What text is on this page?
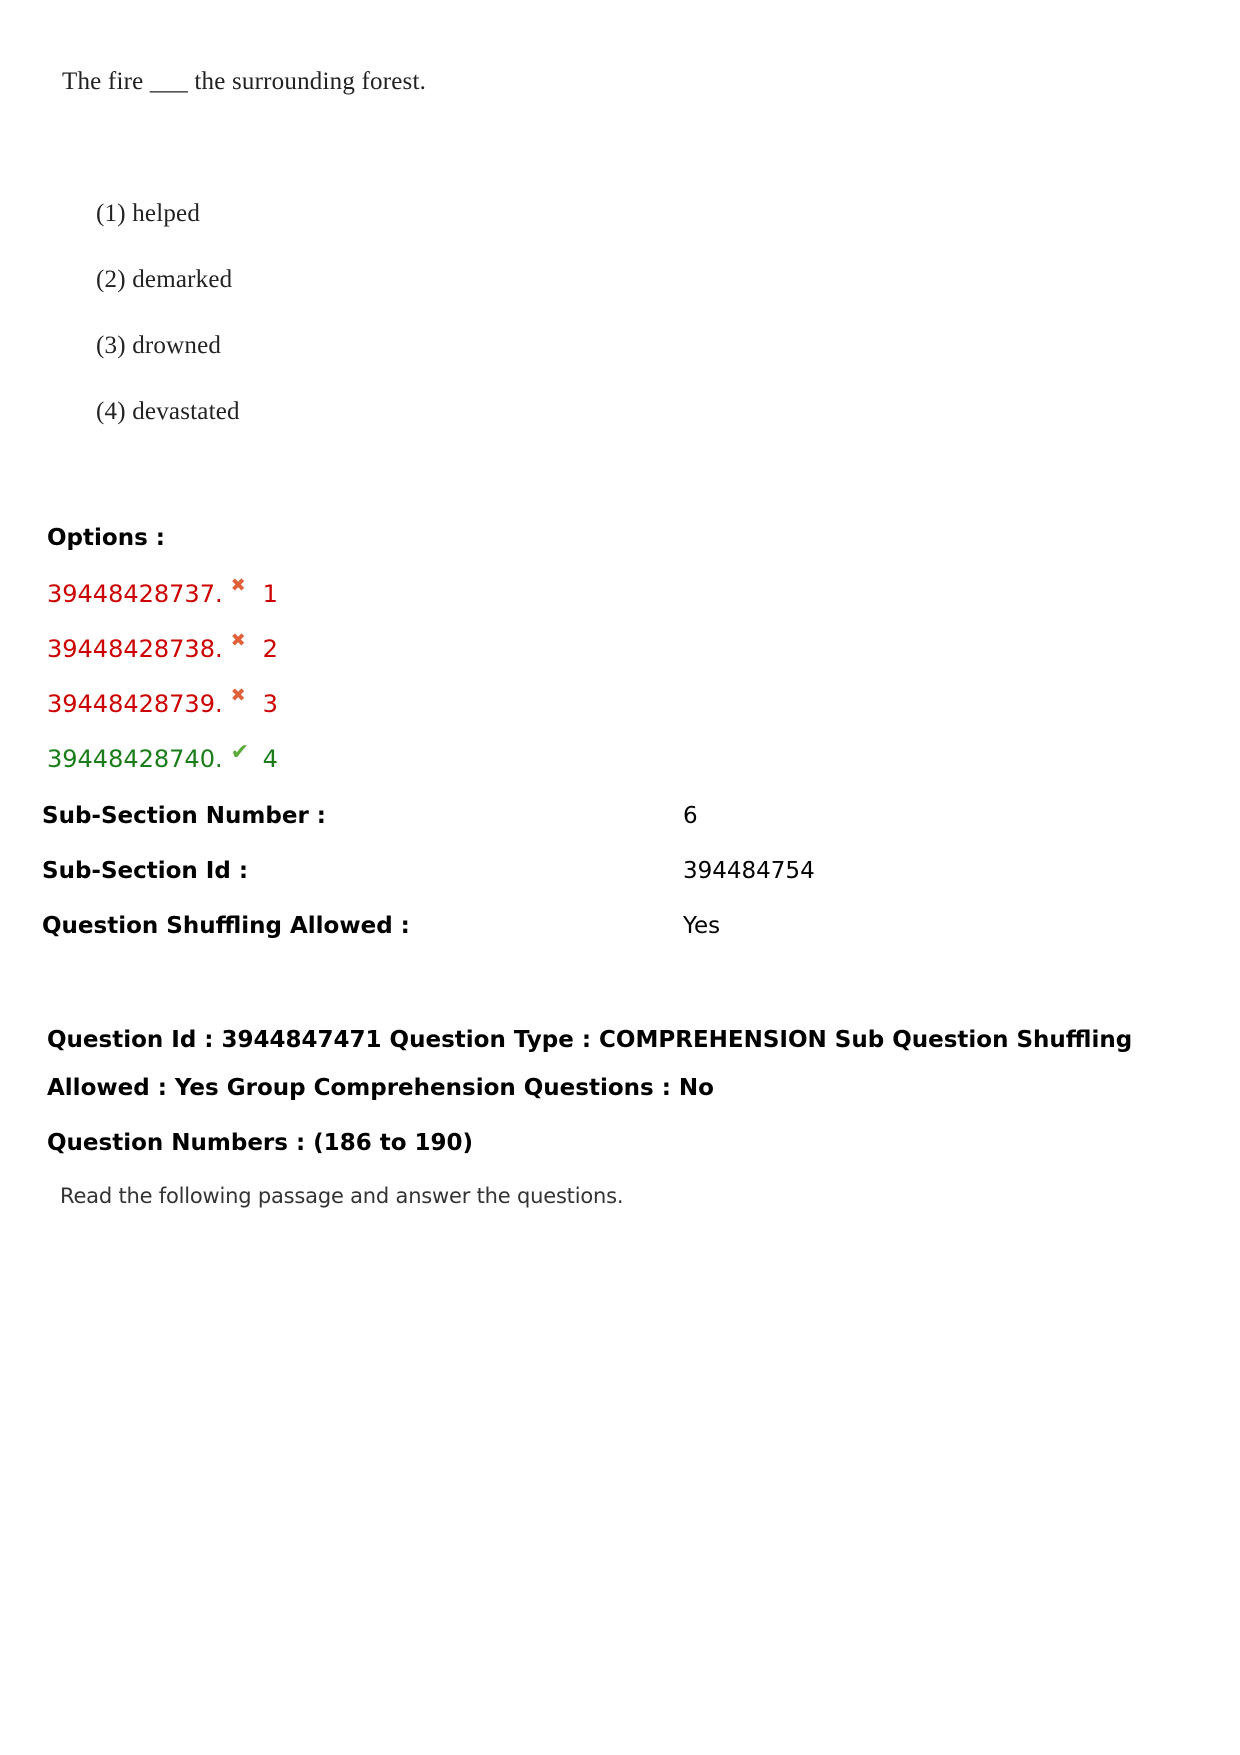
The fire ___ the surrounding forest.
(1) helped
(2) demarked
(3) drowned
(4) devastated
Options :
39448428737. ✖ 1
39448428738. ✖ 2
39448428739. ✖ 3
39448428740. ✔ 4
Sub-Section Number :	6
Sub-Section Id :	394484754
Question Shuffling Allowed :	Yes
Question Id : 3944847471 Question Type : COMPREHENSION Sub Question Shuffling Allowed : Yes Group Comprehension Questions : No
Question Numbers : (186 to 190)
Read the following passage and answer the questions.
